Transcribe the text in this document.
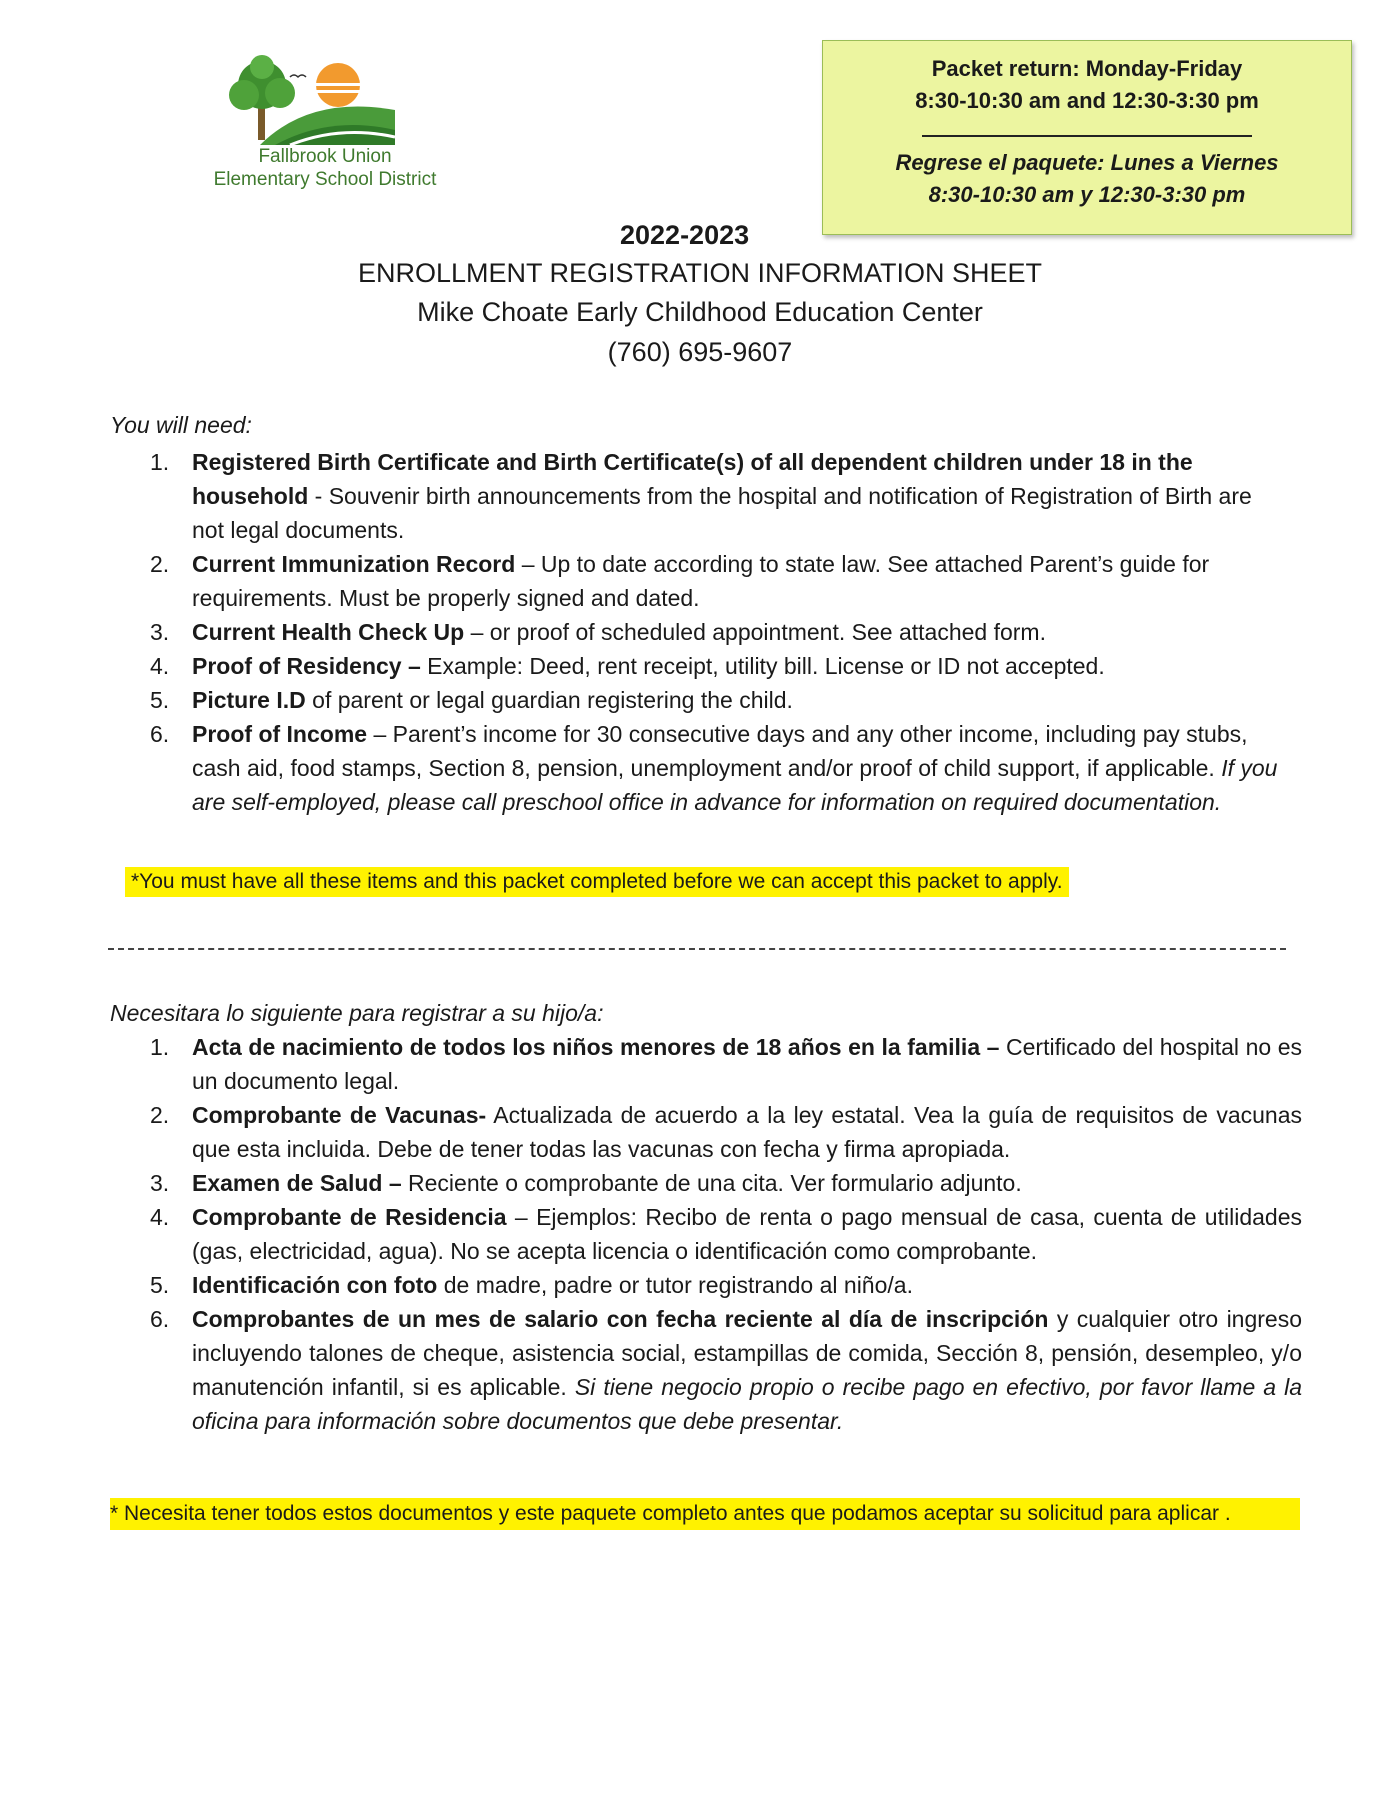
Fallbrook Union
Elementary School District
Packet return: Monday-Friday
8:30-10:30 am and 12:30-3:30 pm
Regrese el paquete: Lunes a Viernes
8:30-10:30 am y 12:30-3:30 pm
2022-2023
ENROLLMENT REGISTRATION INFORMATION SHEET
Mike Choate Early Childhood Education Center
(760) 695-9607
You will need:
1. Registered Birth Certificate and Birth Certificate(s) of all dependent children under 18 in the household - Souvenir birth announcements from the hospital and notification of Registration of Birth are not legal documents.
2. Current Immunization Record – Up to date according to state law. See attached Parent’s guide for requirements. Must be properly signed and dated.
3. Current Health Check Up – or proof of scheduled appointment. See attached form.
4. Proof of Residency – Example: Deed, rent receipt, utility bill. License or ID not accepted.
5. Picture I.D of parent or legal guardian registering the child.
6. Proof of Income – Parent’s income for 30 consecutive days and any other income, including pay stubs, cash aid, food stamps, Section 8, pension, unemployment and/or proof of child support, if applicable. If you are self-employed, please call preschool office in advance for information on required documentation.
*You must have all these items and this packet completed before we can accept this packet to apply.
Necesitara lo siguiente para registrar a su hijo/a:
1. Acta de nacimiento de todos los niños menores de 18 años en la familia – Certificado del hospital no es un documento legal.
2. Comprobante de Vacunas- Actualizada de acuerdo a la ley estatal. Vea la guía de requisitos de vacunas que esta incluida. Debe de tener todas las vacunas con fecha y firma apropiada.
3. Examen de Salud – Reciente o comprobante de una cita. Ver formulario adjunto.
4. Comprobante de Residencia – Ejemplos: Recibo de renta o pago mensual de casa, cuenta de utilidades (gas, electricidad, agua). No se acepta licencia o identificación como comprobante.
5. Identificación con foto de madre, padre or tutor registrando al niño/a.
6. Comprobantes de un mes de salario con fecha reciente al día de inscripción y cualquier otro ingreso incluyendo talones de cheque, asistencia social, estampillas de comida, Sección 8, pensión, desempleo, y/o manutención infantil, si es aplicable. Si tiene negocio propio o recibe pago en efectivo, por favor llame a la oficina para información sobre documentos que debe presentar.
* Necesita tener todos estos documentos y este paquete completo antes que podamos aceptar su solicitud para aplicar .
